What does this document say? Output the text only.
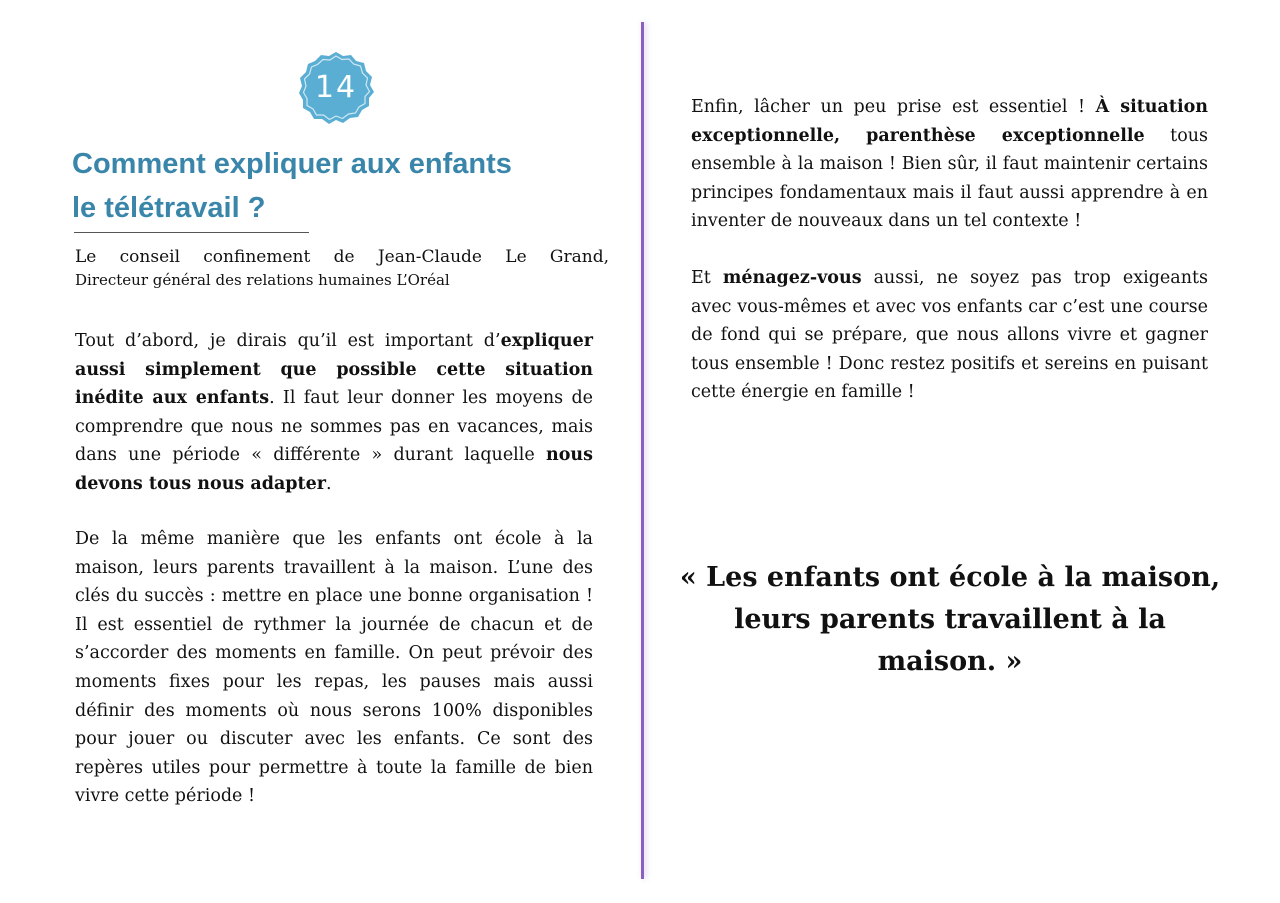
14
Comment expliquer aux enfants
le télétravail ?
Le conseil confinement de Jean-Claude Le Grand,
Directeur général des relations humaines L’Oréal

Tout d’abord, je dirais qu’il est important d’expliquer aussi simplement que possible cette situation inédite aux enfants. Il faut leur donner les moyens de comprendre que nous ne sommes pas en vacances, mais dans une période « différente » durant laquelle nous devons tous nous adapter.

De la même manière que les enfants ont école à la maison, leurs parents travaillent à la maison. L’une des clés du succès : mettre en place une bonne organisation ! Il est essentiel de rythmer la journée de chacun et de s’accorder des moments en famille. On peut prévoir des moments fixes pour les repas, les pauses mais aussi définir des moments où nous serons 100% disponibles pour jouer ou discuter avec les enfants. Ce sont des repères utiles pour permettre à toute la famille de bien vivre cette période !

Enfin, lâcher un peu prise est essentiel ! À situation exceptionnelle, parenthèse exceptionnelle tous ensemble à la maison ! Bien sûr, il faut maintenir certains principes fondamentaux mais il faut aussi apprendre à en inventer de nouveaux dans un tel contexte !

Et ménagez-vous aussi, ne soyez pas trop exigeants avec vous-mêmes et avec vos enfants car c’est une course de fond qui se prépare, que nous allons vivre et gagner tous ensemble ! Donc restez positifs et sereins en puisant cette énergie en famille !

« Les enfants ont école à la maison, leurs parents travaillent à la maison. »
